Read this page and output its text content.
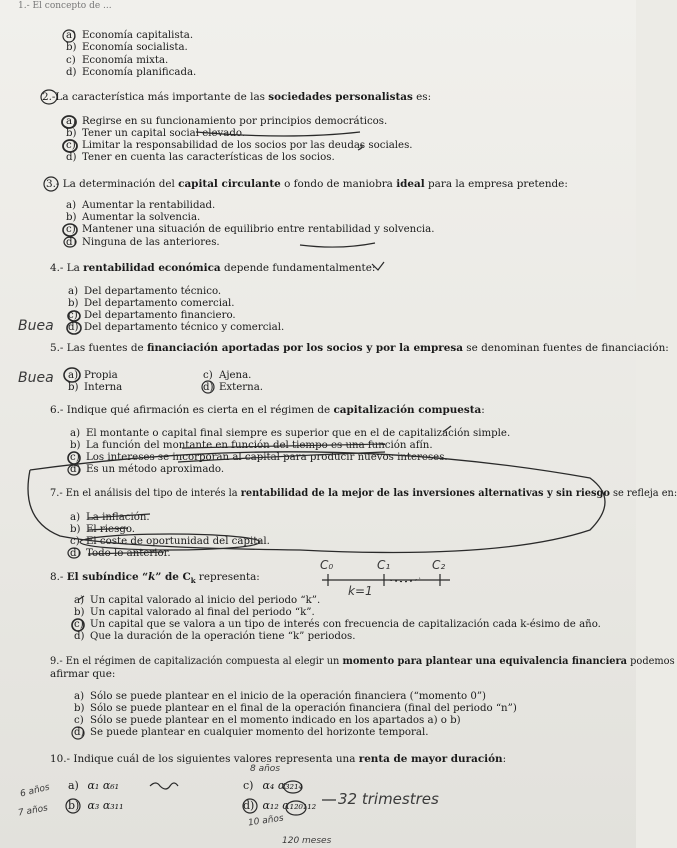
1.- El concepto de ...
a) Economía capitalista.
b) Economía socialista.
c) Economía mixta.
d) Economía planificada.
2.-La característica más importante de las sociedades personalistas es:
a) Regirse en su funcionamiento por principios democráticos.
b) Tener un capital social elevado.
c) Limitar la responsabilidad de los socios por las deudas sociales.
d) Tener en cuenta las características de los socios.
3.- La determinación del capital circulante o fondo de maniobra ideal para la empresa pretende:
a) Aumentar la rentabilidad.
b) Aumentar la solvencia.
c) Mantener una situación de equilibrio entre rentabilidad y solvencia.
d) Ninguna de las anteriores.
4.- La rentabilidad económica depende fundamentalmente:
a) Del departamento técnico.
b) Del departamento comercial.
c) Del departamento financiero.
d) Del departamento técnico y comercial.
Buea
5.- Las fuentes de financiación aportadas por los socios y por la empresa se denominan fuentes de financiación:
a) Propia
b) Interna
c) Ajena.
d) Externa.
Buea
6.- Indique qué afirmación es cierta en el régimen de capitalización compuesta:
a) El montante o capital final siempre es superior que en el de capitalización simple.
b) La función del montante en función del tiempo es una función afín.
c) Los intereses se incorporan al capital para producir nuevos intereses.
d) Es un método aproximado.
7.- En el análisis del tipo de interés la rentabilidad de la mejor de las inversiones alternativas y sin riesgo se refleja en:
a) La inflación.
b) El riesgo.
c) El coste de oportunidad del capital.
d) Todo lo anterior.
8.- El subíndice “k” de $C_k$ representa:
a) Un capital valorado al inicio del periodo “k”.
b) Un capital valorado al final del periodo “k”.
c) Un capital que se valora a un tipo de interés con frecuencia de capitalización cada k-ésimo de año.
d) Que la duración de la operación tiene “k” periodos.
C₀	C₁	C₂
k=1
9.- En el régimen de capitalización compuesta al elegir un momento para plantear una equivalencia financiera podemos
afirmar que:
a) Sólo se puede plantear en el inicio de la operación financiera (“momento 0”)
b) Sólo se puede plantear en el final de la operación financiera (final del periodo “n”)
c) Sólo se puede plantear en el momento indicado en los apartados a) o b)
d) Se puede plantear en cualquier momento del horizonte temporal.
10.- Indique cuál de los siguientes valores representa una renta de mayor duración:
a) α₁ α₆₁
b) α₃ α₃₁₁
c) α₄ α₃₂₁₄
d) α₁₂ α₁₂₀₁₁₂
6 años
8 años
7 años
10 años
32 trimestres
120 meses
